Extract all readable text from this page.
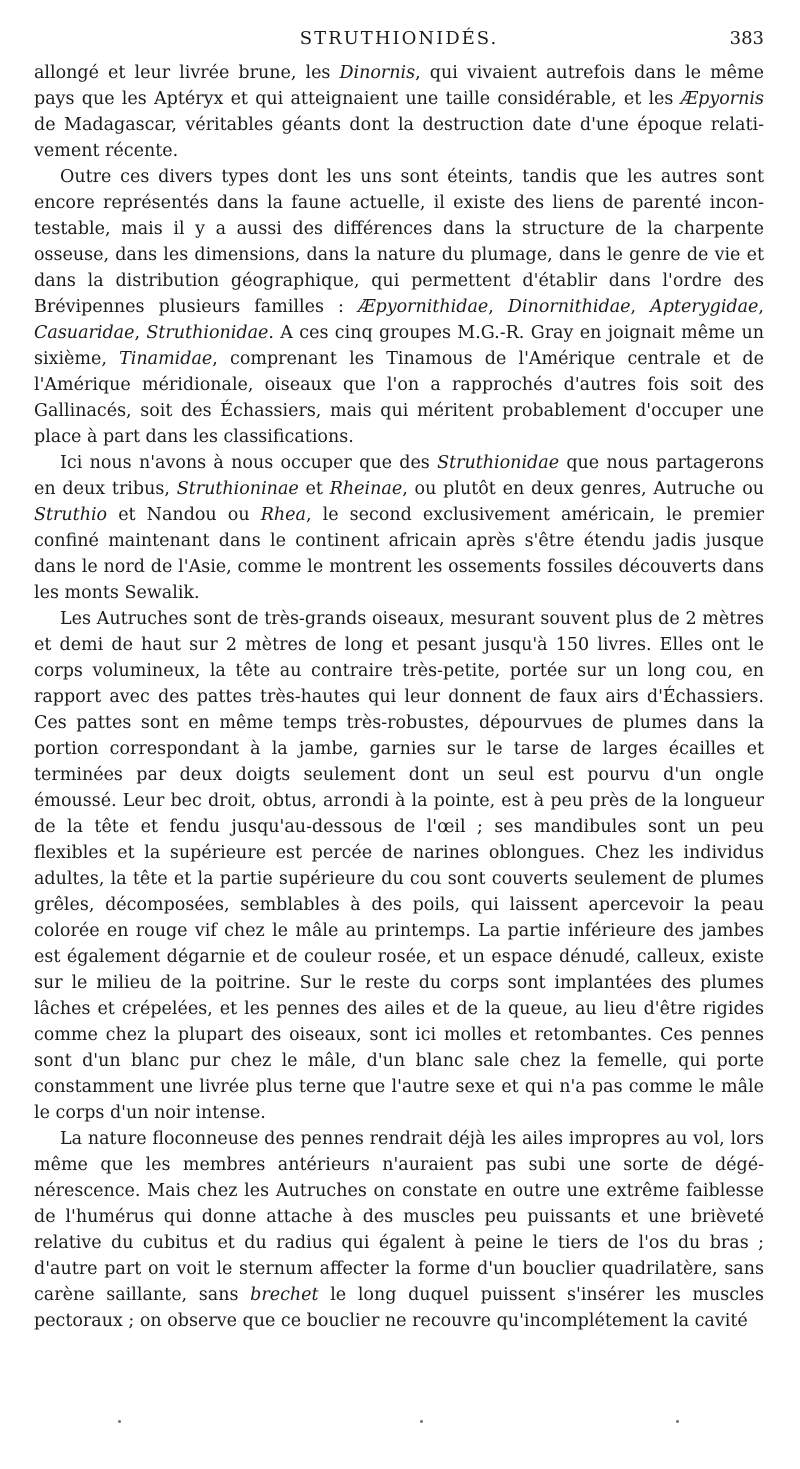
STRUTHIONIDÉS.	383

allongé et leur livrée brune, les Dinornis, qui vivaient autrefois dans le même pays que les Aptéryx et qui atteignaient une taille considérable, et les Æpyornis de Madagascar, véritables géants dont la destruction date d'une époque relativement récente.

Outre ces divers types dont les uns sont éteints, tandis que les autres sont encore représentés dans la faune actuelle, il existe des liens de parenté incontestable, mais il y a aussi des différences dans la structure de la charpente osseuse, dans les dimensions, dans la nature du plumage, dans le genre de vie et dans la distribution géographique, qui permettent d'établir dans l'ordre des Brévipennes plusieurs familles : Æpyornithidae, Dinornithidae, Apterygidae, Casuaridae, Struthionidae. A ces cinq groupes M.G.-R. Gray en joignait même un sixième, Tinamidae, comprenant les Tinamous de l'Amérique centrale et de l'Amérique méridionale, oiseaux que l'on a rapprochés d'autres fois soit des Gallinacés, soit des Échassiers, mais qui méritent probablement d'occuper une place à part dans les classifications.

Ici nous n'avons à nous occuper que des Struthionidae que nous partagerons en deux tribus, Struthioninae et Rheinae, ou plutôt en deux genres, Autruche ou Struthio et Nandou ou Rhea, le second exclusivement américain, le premier confiné maintenant dans le continent africain après s'être étendu jadis jusque dans le nord de l'Asie, comme le montrent les ossements fossiles découverts dans les monts Sewalik.

Les Autruches sont de très-grands oiseaux, mesurant souvent plus de 2 mètres et demi de haut sur 2 mètres de long et pesant jusqu'à 150 livres. Elles ont le corps volumineux, la tête au contraire très-petite, portée sur un long cou, en rapport avec des pattes très-hautes qui leur donnent de faux airs d'Échassiers. Ces pattes sont en même temps très-robustes, dépourvues de plumes dans la portion correspondant à la jambe, garnies sur le tarse de larges écailles et terminées par deux doigts seulement dont un seul est pourvu d'un ongle émoussé. Leur bec droit, obtus, arrondi à la pointe, est à peu près de la longueur de la tête et fendu jusqu'au-dessous de l'œil ; ses mandibules sont un peu flexibles et la supérieure est percée de narines oblongues. Chez les individus adultes, la tête et la partie supérieure du cou sont couverts seulement de plumes grêles, décomposées, semblables à des poils, qui laissent apercevoir la peau colorée en rouge vif chez le mâle au printemps. La partie inférieure des jambes est également dégarnie et de couleur rosée, et un espace dénudé, calleux, existe sur le milieu de la poitrine. Sur le reste du corps sont implantées des plumes lâches et crépelées, et les pennes des ailes et de la queue, au lieu d'être rigides comme chez la plupart des oiseaux, sont ici molles et retombantes. Ces pennes sont d'un blanc pur chez le mâle, d'un blanc sale chez la femelle, qui porte constamment une livrée plus terne que l'autre sexe et qui n'a pas comme le mâle le corps d'un noir intense.

La nature floconneuse des pennes rendrait déjà les ailes impropres au vol, lors même que les membres antérieurs n'auraient pas subi une sorte de dégénérescence. Mais chez les Autruches on constate en outre une extrême faiblesse de l'humérus qui donne attache à des muscles peu puissants et une brièveté relative du cubitus et du radius qui égalent à peine le tiers de l'os du bras ; d'autre part on voit le sternum affecter la forme d'un bouclier quadrilatère, sans carène saillante, sans brechet le long duquel puissent s'insérer les muscles pectoraux ; on observe que ce bouclier ne recouvre qu'incomplétement la cavité
